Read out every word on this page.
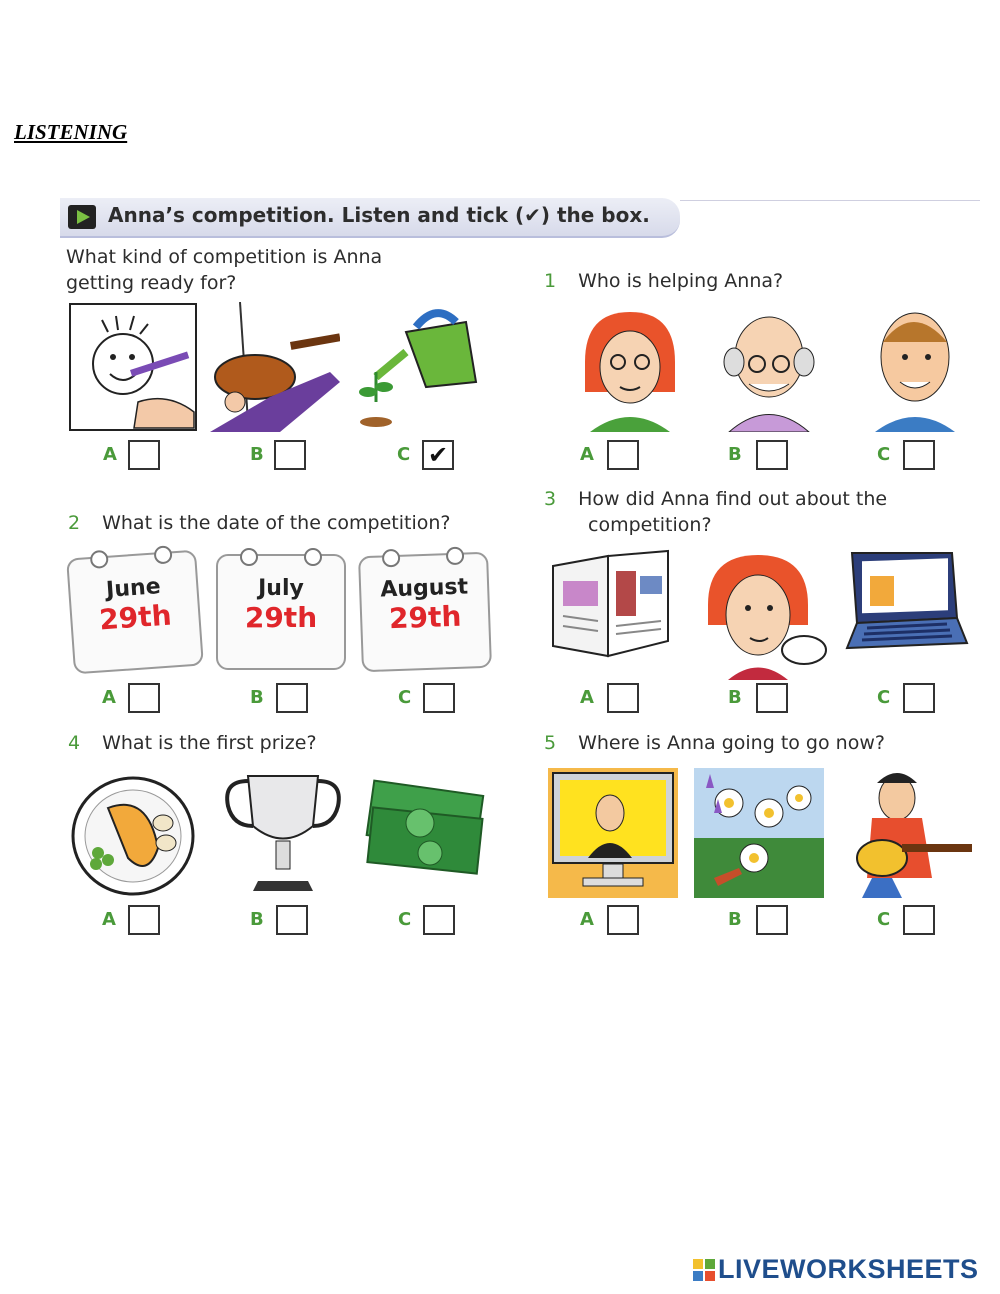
LISTENING
Anna’s competition. Listen and tick (✔) the box.
What kind of competition is Anna
getting ready for?
A	B	C ✔
1 Who is helping Anna?
A	B	C
2 What is the date of the competition?
June
29th
July
29th
August
29th
A	B	C
3 How did Anna find out about the
competition?
A	B	C
4 What is the first prize?
A	B	C
5 Where is Anna going to go now?
A	B	C
LIVEWORKSHEETS
